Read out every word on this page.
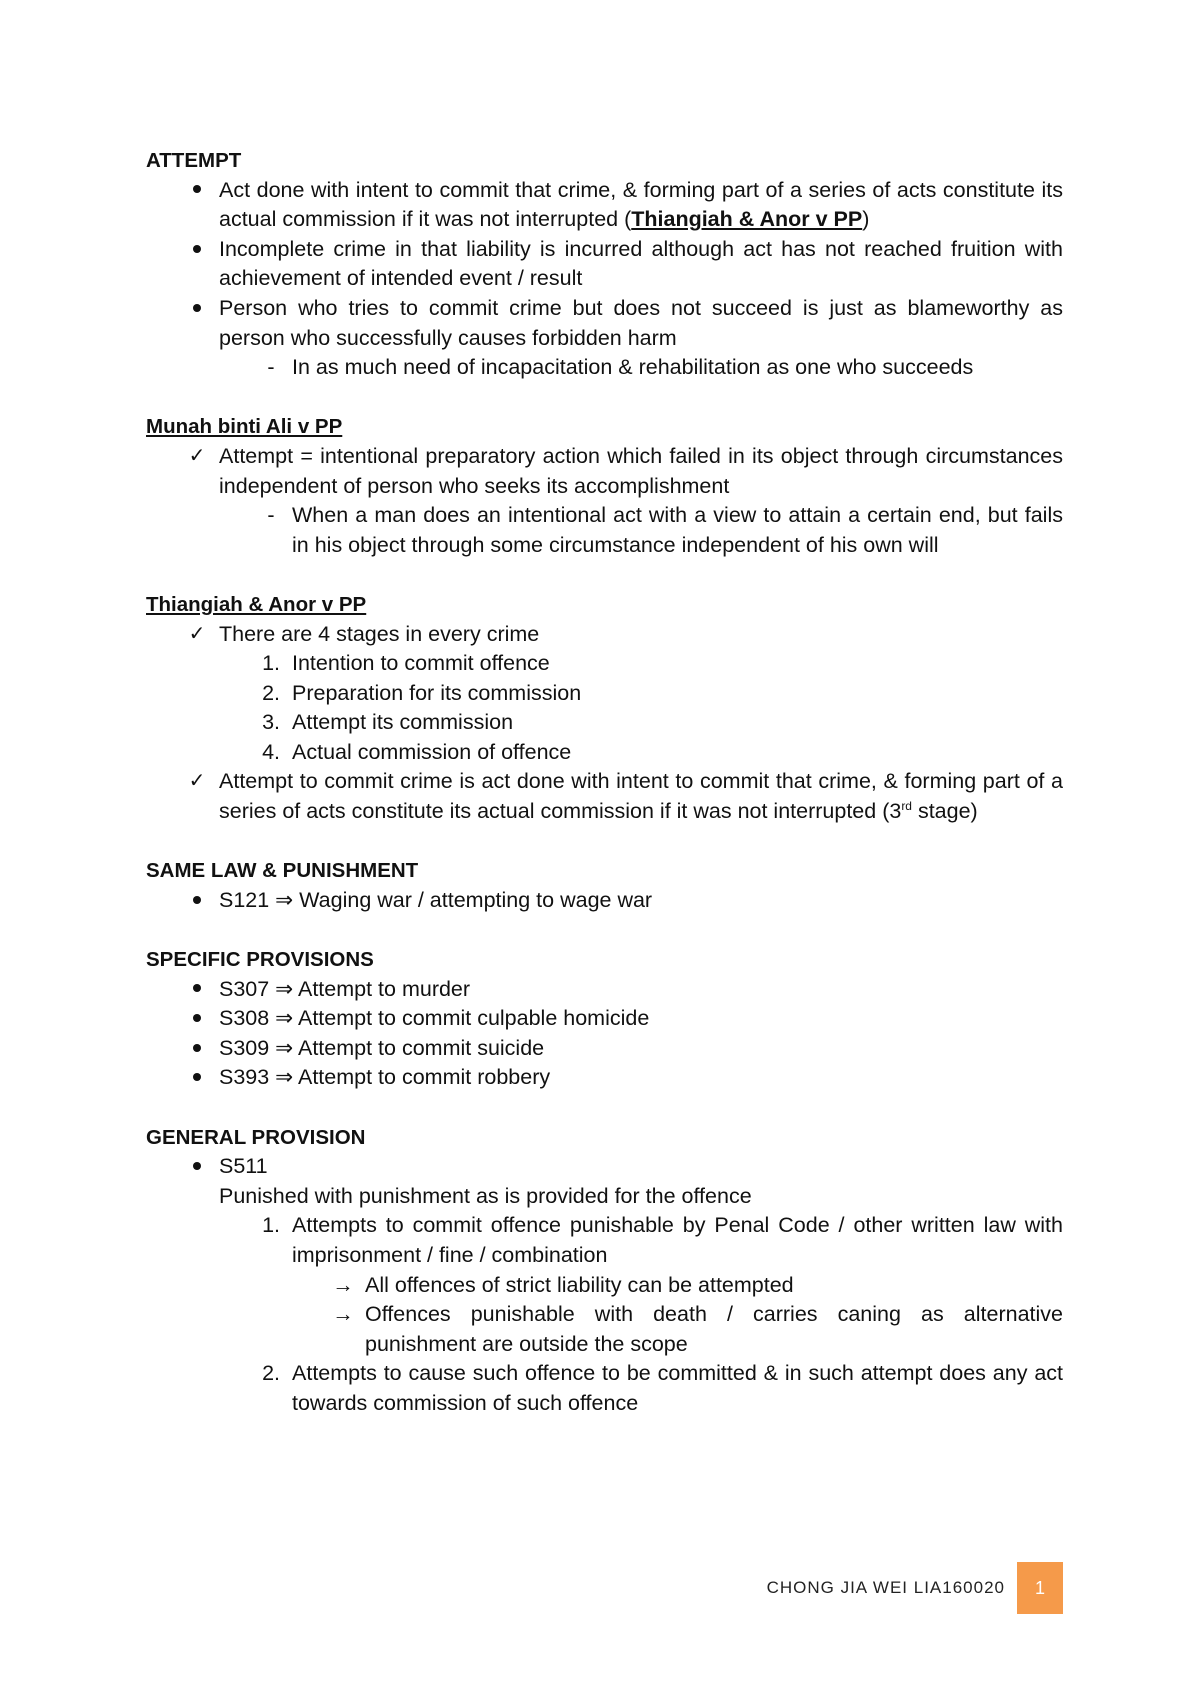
ATTEMPT

Act done with intent to commit that crime, & forming part of a series of acts constitute its actual commission if it was not interrupted (Thiangiah & Anor v PP)
Incomplete crime in that liability is incurred although act has not reached fruition with achievement of intended event / result
Person who tries to commit crime but does not succeed is just as blameworthy as person who successfully causes forbidden harm
- In as much need of incapacitation & rehabilitation as one who succeeds

Munah binti Ali v PP

✓ Attempt = intentional preparatory action which failed in its object through circumstances independent of person who seeks its accomplishment
- When a man does an intentional act with a view to attain a certain end, but fails in his object through some circumstance independent of his own will

Thiangiah & Anor v PP

✓ There are 4 stages in every crime
1. Intention to commit offence
2. Preparation for its commission
3. Attempt its commission
4. Actual commission of offence
✓ Attempt to commit crime is act done with intent to commit that crime, & forming part of a series of acts constitute its actual commission if it was not interrupted (3rd stage)

SAME LAW & PUNISHMENT

S121 ⇒ Waging war / attempting to wage war

SPECIFIC PROVISIONS

S307 ⇒ Attempt to murder
S308 ⇒ Attempt to commit culpable homicide
S309 ⇒ Attempt to commit suicide
S393 ⇒ Attempt to commit robbery

GENERAL PROVISION

S511
Punished with punishment as is provided for the offence
1. Attempts to commit offence punishable by Penal Code / other written law with imprisonment / fine / combination
→ All offences of strict liability can be attempted
→ Offences punishable with death / carries caning as alternative punishment are outside the scope
2. Attempts to cause such offence to be committed & in such attempt does any act towards commission of such offence
CHONG JIA WEI LIA160020	1
